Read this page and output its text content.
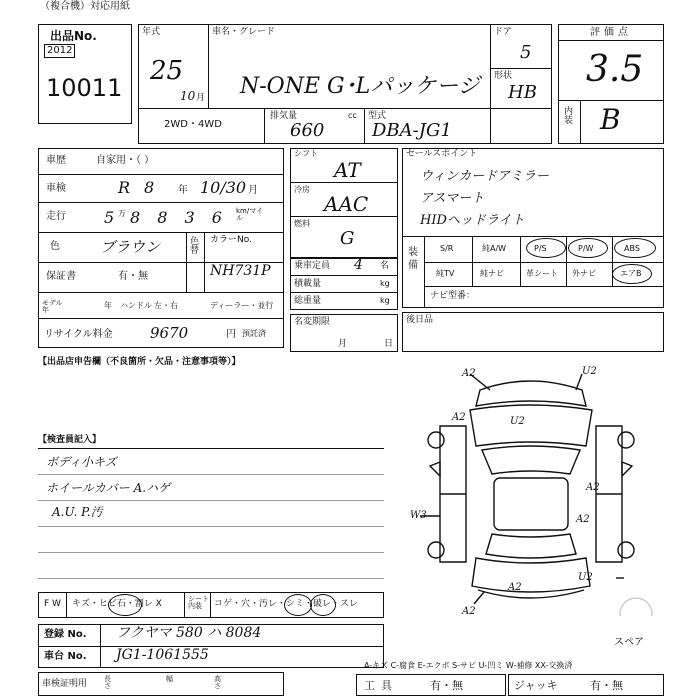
（複合機）対応用紙
出品No.
2012
10011
年式
25
10 月
車名・グレード
N-ONE G･Lパッケージ
ドア
5
形状
HB
2WD・4WD
排気量	cc
660
型式
DBA-JG1
評価点
3.5
内装 B
車歴	自家用・（ ）
車検	R 8 年 10/30 月
走行 5 万 8 8 3 6 km/マイル
色	ブラウン	色替
カラーNo.
NH731P
保証書	有・無
モデル年	年 ハンドル 左・右	ディーラー・並行
リサイクル料金 9670	円 預託済
シフト
AT
冷房
AAC
燃料
G
乗車定員 4 名
積載量	kg
総重量	kg
名変期限
月	日
セールスポイント
ウィンカードアミラー
アスマート
HIDヘッドライト
装備
S/R	純A/W	P/S	P/W	ABS
純TV	純ナビ	革シート 外ナビ	エアB
ナビ型番：
後日品
【出品店申告欄（不良箇所・欠品・注意事項等）】
【検査員記入】
ボディ小キズ
ホイールカバー A.ハゲ
A.U. P.汚
A2	U2
A2	U2
A2
A2
W3
U2
A2
A2
スペア
F W キズ・ヒビ石・割レ X	シート内装	コゲ・穴・汚レ・シミ・破レ・スレ
登録 No. フクヤマ 580 ハ 8084
車台 No. JG1-1061555
A-キズ C-腐食 E-エクボ S-サビ U-凹ミ W-補修 XX-交換済
車検証明用 長さ
幅	高さ	工具	有・無	ジャッキ	有・無
